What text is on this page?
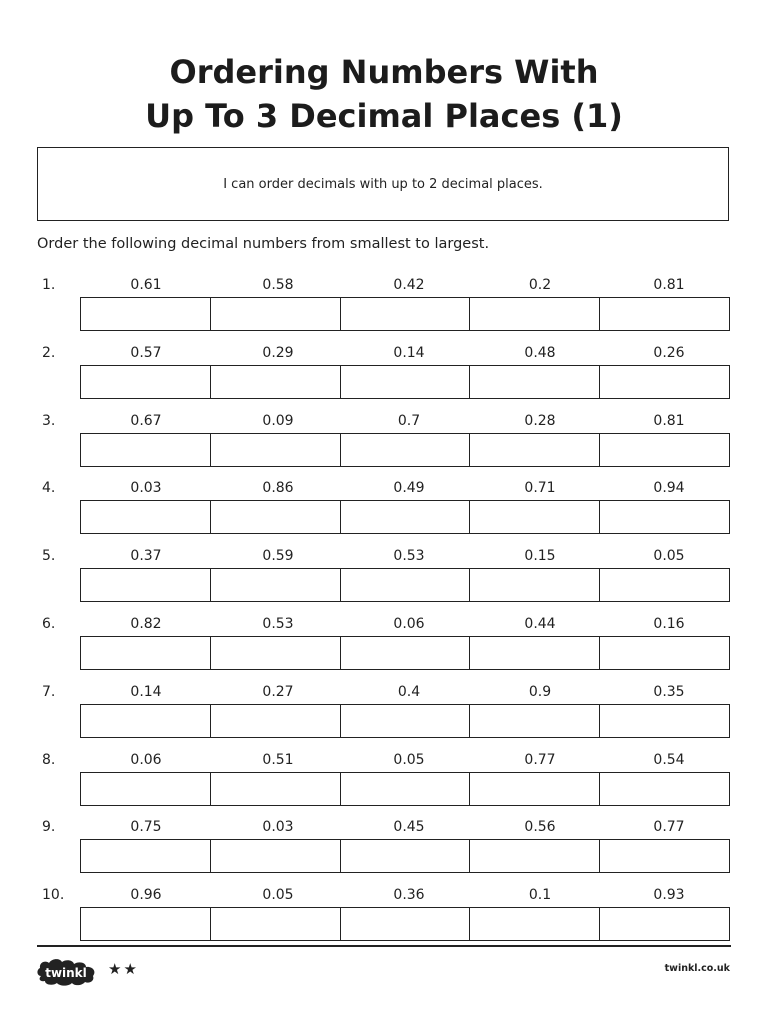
Ordering Numbers With
Up To 3 Decimal Places (1)
I can order decimals with up to 2 decimal places.
Order the following decimal numbers from smallest to largest.
1.	0.61	0.58	0.42	0.2	0.81
2.	0.57	0.29	0.14	0.48	0.26
3.	0.67	0.09	0.7	0.28	0.81
4.	0.03	0.86	0.49	0.71	0.94
5.	0.37	0.59	0.53	0.15	0.05
6.	0.82	0.53	0.06	0.44	0.16
7.	0.14	0.27	0.4	0.9	0.35
8.	0.06	0.51	0.05	0.77	0.54
9.	0.75	0.03	0.45	0.56	0.77
10.	0.96	0.05	0.36	0.1	0.93
twinkl ★★	twinkl.co.uk
